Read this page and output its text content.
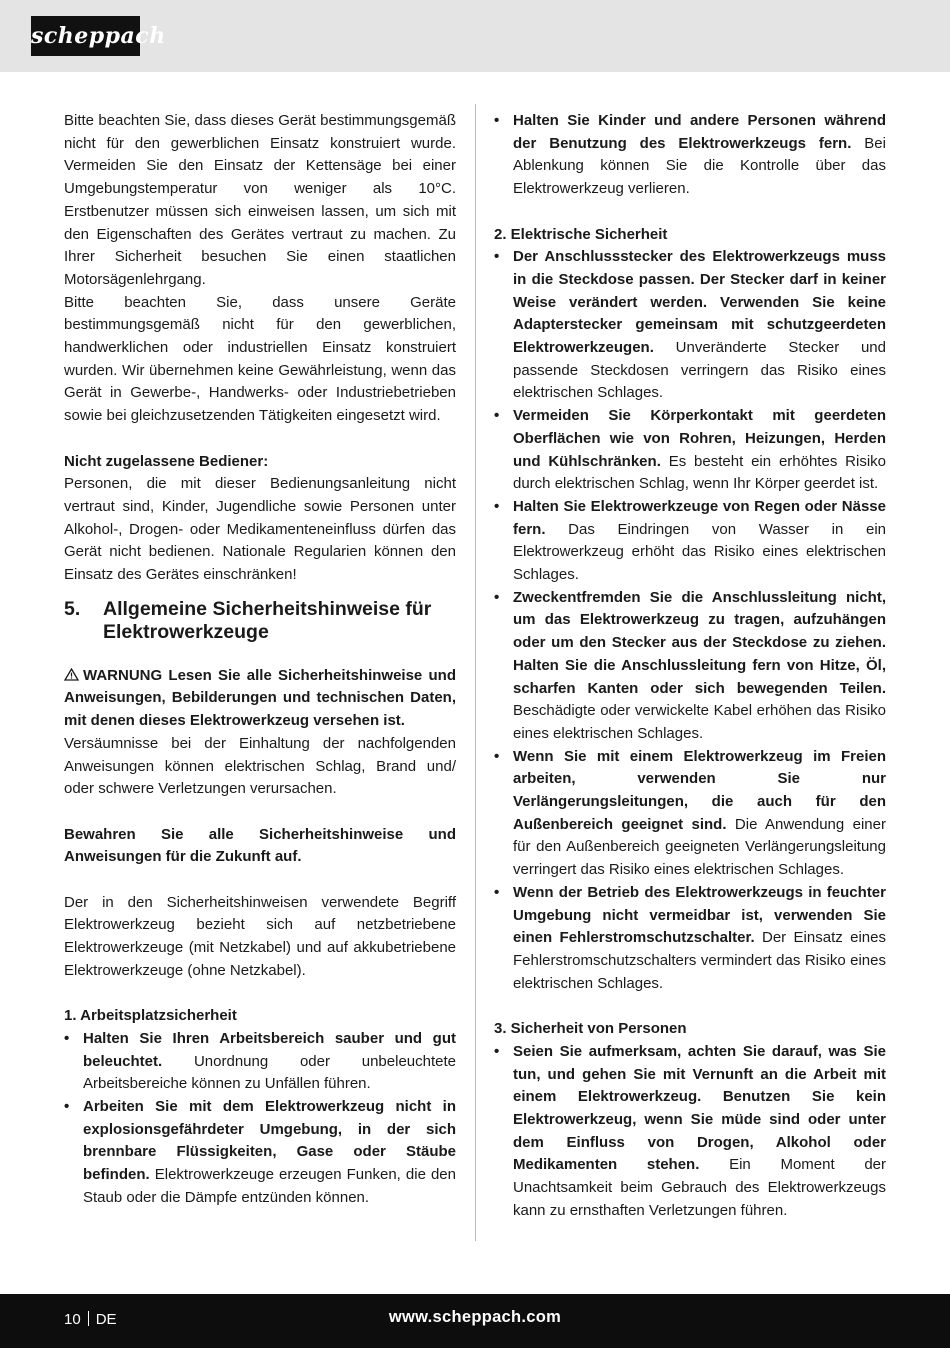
scheppach

Bitte beachten Sie, dass dieses Gerät bestimmungsgemäß nicht für den gewerblichen Einsatz konstruiert wurde. Vermeiden Sie den Einsatz der Kettensäge bei einer Umgebungstemperatur von weniger als 10°C. Erstbenutzer müssen sich einweisen lassen, um sich mit den Eigenschaften des Gerätes vertraut zu machen. Zu Ihrer Sicherheit besuchen Sie einen staatlichen Motorsägenlehrgang.

Bitte beachten Sie, dass unsere Geräte bestimmungsgemäß nicht für den gewerblichen, handwerklichen oder industriellen Einsatz konstruiert wurden. Wir übernehmen keine Gewährleistung, wenn das Gerät in Gewerbe-, Handwerks- oder Industriebetrieben sowie bei gleichzusetzenden Tätigkeiten eingesetzt wird.

Nicht zugelassene Bediener:

Personen, die mit dieser Bedienungsanleitung nicht vertraut sind, Kinder, Jugendliche sowie Personen unter Alkohol-, Drogen- oder Medikamenteneinfluss dürfen das Gerät nicht bedienen. Nationale Regularien können den Einsatz des Gerätes einschränken!

5.	Allgemeine Sicherheitshinweise für Elektrowerkzeuge

WARNUNG Lesen Sie alle Sicherheitshinweise und Anweisungen, Bebilderungen und technischen Daten, mit denen dieses Elektrowerkzeug versehen ist.

Versäumnisse bei der Einhaltung der nachfolgenden Anweisungen können elektrischen Schlag, Brand und/ oder schwere Verletzungen verursachen.

Bewahren Sie alle Sicherheitshinweise und Anweisungen für die Zukunft auf.

Der in den Sicherheitshinweisen verwendete Begriff Elektrowerkzeug bezieht sich auf netzbetriebene Elektrowerkzeuge (mit Netzkabel) und auf akkubetriebene Elektrowerkzeuge (ohne Netzkabel).

1. Arbeitsplatzsicherheit

• Halten Sie Ihren Arbeitsbereich sauber und gut beleuchtet. Unordnung oder unbeleuchtete Arbeitsbereiche können zu Unfällen führen.
• Arbeiten Sie mit dem Elektrowerkzeug nicht in explosionsgefährdeter Umgebung, in der sich brennbare Flüssigkeiten, Gase oder Stäube befinden. Elektrowerkzeuge erzeugen Funken, die den Staub oder die Dämpfe entzünden können.
• Halten Sie Kinder und andere Personen während der Benutzung des Elektrowerkzeugs fern. Bei Ablenkung können Sie die Kontrolle über das Elektrowerkzeug verlieren.

2. Elektrische Sicherheit

• Der Anschlussstecker des Elektrowerkzeugs muss in die Steckdose passen. Der Stecker darf in keiner Weise verändert werden. Verwenden Sie keine Adapterstecker gemeinsam mit schutzgeerdeten Elektrowerkzeugen. Unveränderte Stecker und passende Steckdosen verringern das Risiko eines elektrischen Schlages.
• Vermeiden Sie Körperkontakt mit geerdeten Oberflächen wie von Rohren, Heizungen, Herden und Kühlschränken. Es besteht ein erhöhtes Risiko durch elektrischen Schlag, wenn Ihr Körper geerdet ist.
• Halten Sie Elektrowerkzeuge von Regen oder Nässe fern. Das Eindringen von Wasser in ein Elektrowerkzeug erhöht das Risiko eines elektrischen Schlages.
• Zweckentfremden Sie die Anschlussleitung nicht, um das Elektrowerkzeug zu tragen, aufzuhängen oder um den Stecker aus der Steckdose zu ziehen. Halten Sie die Anschlussleitung fern von Hitze, Öl, scharfen Kanten oder sich bewegenden Teilen. Beschädigte oder verwickelte Kabel erhöhen das Risiko eines elektrischen Schlages.
• Wenn Sie mit einem Elektrowerkzeug im Freien arbeiten, verwenden Sie nur Verlängerungsleitungen, die auch für den Außenbereich geeignet sind. Die Anwendung einer für den Außenbereich geeigneten Verlängerungsleitung verringert das Risiko eines elektrischen Schlages.
• Wenn der Betrieb des Elektrowerkzeugs in feuchter Umgebung nicht vermeidbar ist, verwenden Sie einen Fehlerstromschutzschalter. Der Einsatz eines Fehlerstromschutzschalters vermindert das Risiko eines elektrischen Schlages.

3. Sicherheit von Personen

• Seien Sie aufmerksam, achten Sie darauf, was Sie tun, und gehen Sie mit Vernunft an die Arbeit mit einem Elektrowerkzeug. Benutzen Sie kein Elektrowerkzeug, wenn Sie müde sind oder unter dem Einfluss von Drogen, Alkohol oder Medikamenten stehen. Ein Moment der Unachtsamkeit beim Gebrauch des Elektrowerkzeugs kann zu ernsthaften Verletzungen führen.
10 DE	www.scheppach.com
